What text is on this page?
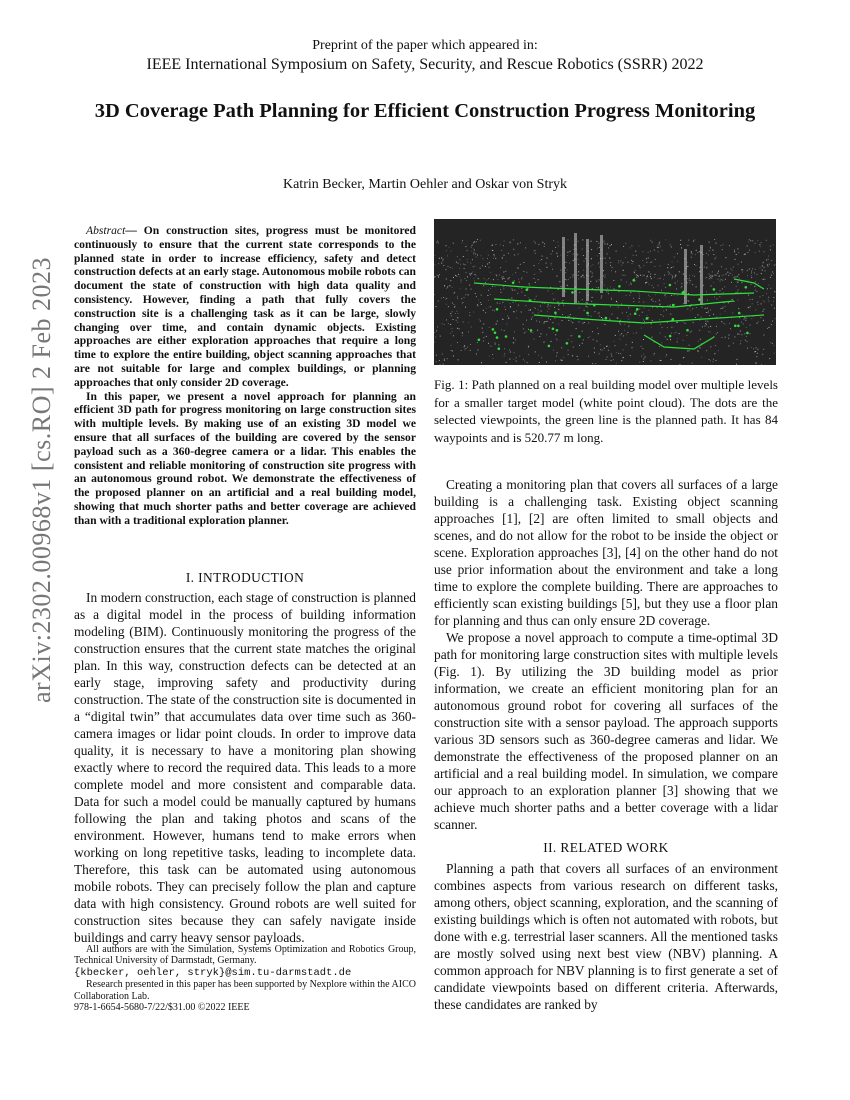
arXiv:2302.00968v1 [cs.RO] 2 Feb 2023
Preprint of the paper which appeared in:
IEEE International Symposium on Safety, Security, and Rescue Robotics (SSRR) 2022
3D Coverage Path Planning for Efficient Construction Progress Monitoring
Katrin Becker, Martin Oehler and Oskar von Stryk

Abstract— On construction sites, progress must be monitored continuously to ensure that the current state corresponds to the planned state in order to increase efficiency, safety and detect construction defects at an early stage. Autonomous mobile robots can document the state of construction with high data quality and consistency. However, finding a path that fully covers the construction site is a challenging task as it can be large, slowly changing over time, and contain dynamic objects. Existing approaches are either exploration approaches that require a long time to explore the entire building, object scanning approaches that are not suitable for large and complex buildings, or planning approaches that only consider 2D coverage.

In this paper, we present a novel approach for planning an efficient 3D path for progress monitoring on large construction sites with multiple levels. By making use of an existing 3D model we ensure that all surfaces of the building are covered by the sensor payload such as a 360-degree camera or a lidar. This enables the consistent and reliable monitoring of construction site progress with an autonomous ground robot. We demonstrate the effectiveness of the proposed planner on an artificial and a real building model, showing that much shorter paths and better coverage are achieved than with a traditional exploration planner.

I. INTRODUCTION

In modern construction, each stage of construction is planned as a digital model in the process of building information modeling (BIM). Continuously monitoring the progress of the construction ensures that the current state matches the original plan. In this way, construction defects can be detected at an early stage, improving safety and productivity during construction. The state of the construction site is documented in a “digital twin” that accumulates data over time such as 360-camera images or lidar point clouds. In order to improve data quality, it is necessary to have a monitoring plan showing exactly where to record the required data. This leads to a more complete model and more consistent and comparable data. Data for such a model could be manually captured by humans following the plan and taking photos and scans of the environment. However, humans tend to make errors when working on long repetitive tasks, leading to incomplete data. Therefore, this task can be automated using autonomous mobile robots. They can precisely follow the plan and capture data with high consistency. Ground robots are well suited for construction sites because they can safely navigate inside buildings and carry heavy sensor payloads.

All authors are with the Simulation, Systems Optimization and Robotics Group, Technical University of Darmstadt, Germany.
{kbecker, oehler, stryk}@sim.tu-darmstadt.de

Research presented in this paper has been supported by Nexplore within the AICO Collaboration Lab.

978-1-6654-5680-7/22/$31.00 ©2022 IEEE
Fig. 1: Path planned on a real building model over multiple levels for a smaller target model (white point cloud). The dots are the selected viewpoints, the green line is the planned path. It has 84 waypoints and is 520.77 m long.

Creating a monitoring plan that covers all surfaces of a large building is a challenging task. Existing object scanning approaches [1], [2] are often limited to small objects and scenes, and do not allow for the robot to be inside the object or scene. Exploration approaches [3], [4] on the other hand do not use prior information about the environment and take a long time to explore the complete building. There are approaches to efficiently scan existing buildings [5], but they use a floor plan for planning and thus can only ensure 2D coverage.

We propose a novel approach to compute a time-optimal 3D path for monitoring large construction sites with multiple levels (Fig. 1). By utilizing the 3D building model as prior information, we create an efficient monitoring plan for an autonomous ground robot for covering all surfaces of the construction site with a sensor payload. The approach supports various 3D sensors such as 360-degree cameras and lidar. We demonstrate the effectiveness of the proposed planner on an artificial and a real building model. In simulation, we compare our approach to an exploration planner [3] showing that we achieve much shorter paths and a better coverage with a lidar scanner.

II. RELATED WORK

Planning a path that covers all surfaces of an environment combines aspects from various research on different tasks, among others, object scanning, exploration, and the scanning of existing buildings which is often not automated with robots, but done with e.g. terrestrial laser scanners. All the mentioned tasks are mostly solved using next best view (NBV) planning. A common approach for NBV planning is to first generate a set of candidate viewpoints based on different criteria. Afterwards, these candidates are ranked by
